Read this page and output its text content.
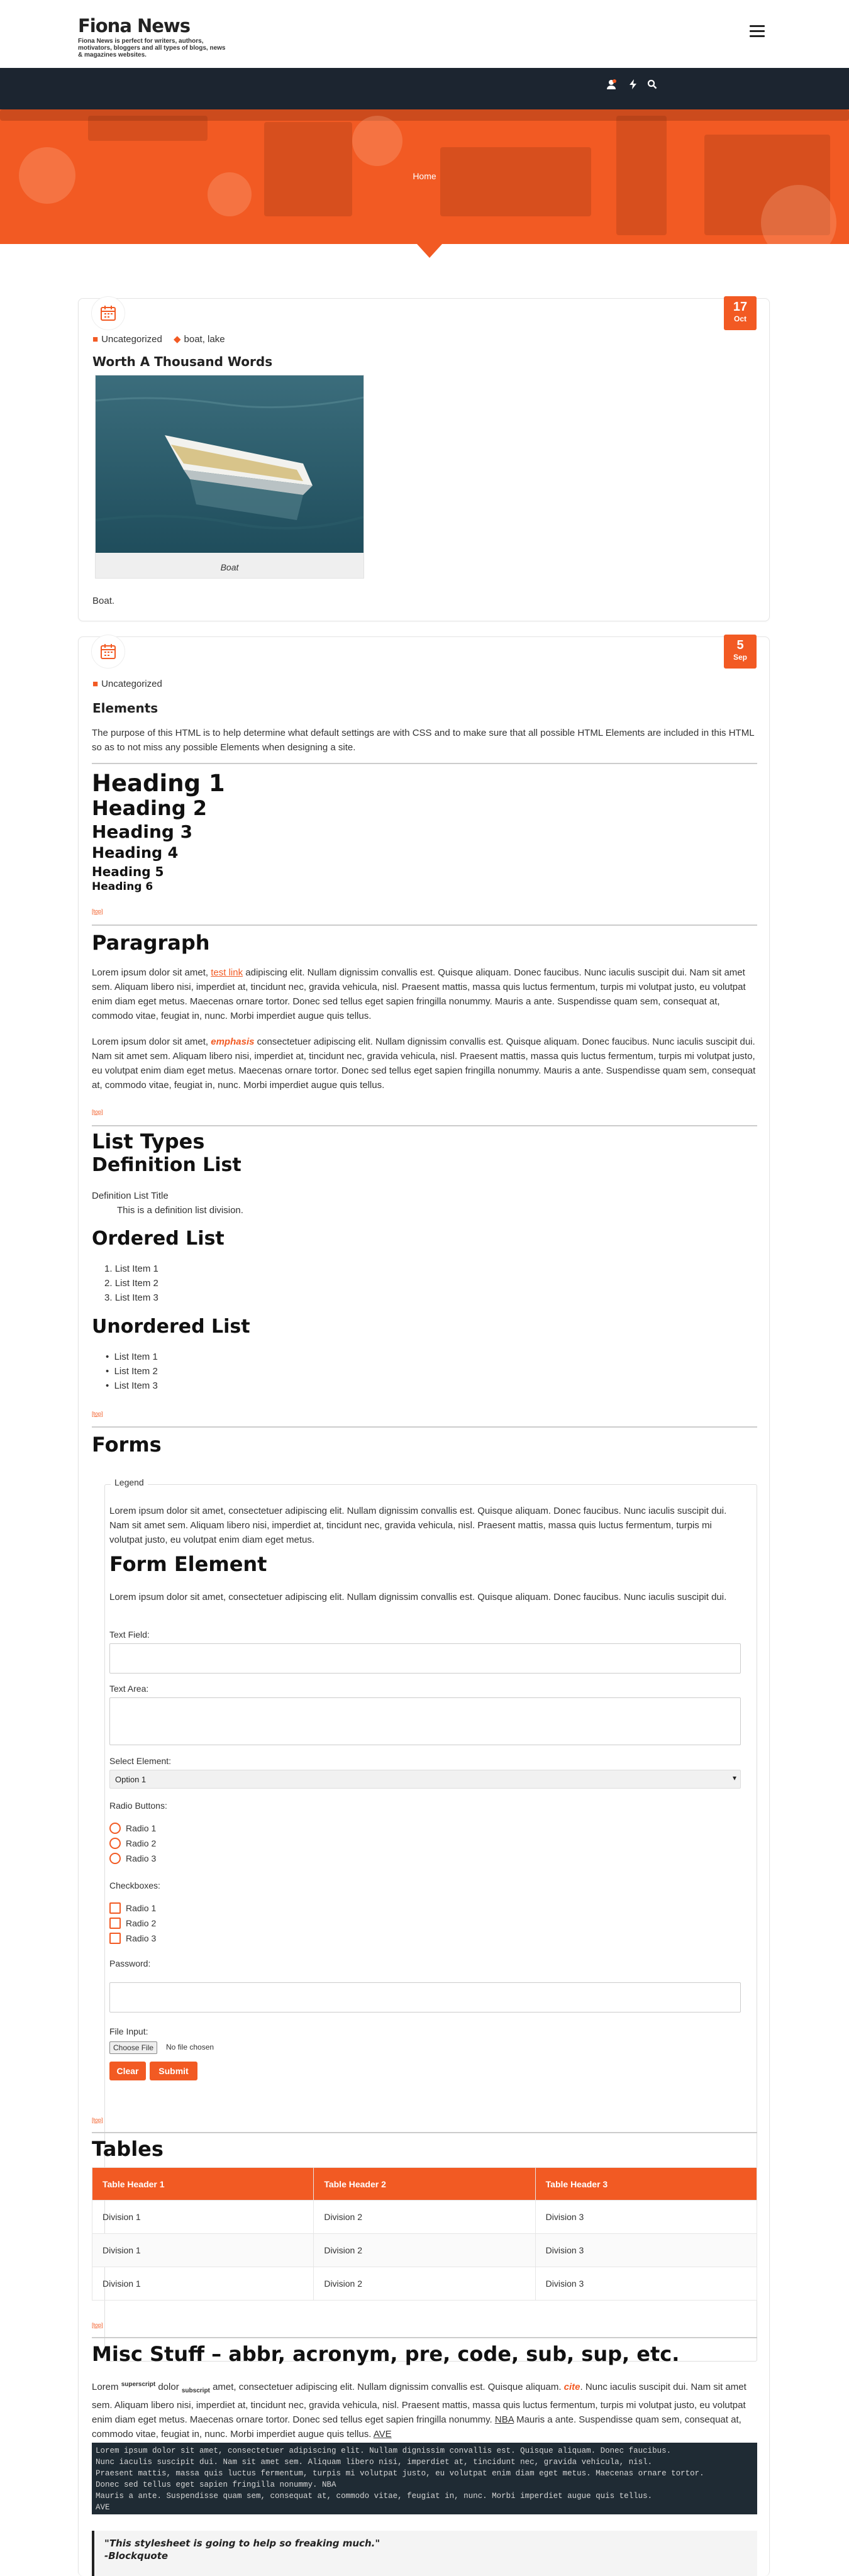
Fiona News
Fiona News is perfect for writers, authors, motivators, bloggers and all types of blogs, news & magazines websites.
Home
17
Oct
■ Uncategorized ◆ boat, lake
Worth A Thousand Words
Boat
Boat.
5
Sep
■ Uncategorized
Elements
The purpose of this HTML is to help determine what default settings are with CSS and to make sure that all possible HTML Elements are included in this HTML so as to not miss any possible Elements when designing a site.
Heading 1
Heading 2
Heading 3
Heading 4
Heading 5
Heading 6
[top]
Paragraph
Lorem ipsum dolor sit amet, test link adipiscing elit. Nullam dignissim convallis est. Quisque aliquam. Donec faucibus. Nunc iaculis suscipit dui. Nam sit amet sem. Aliquam libero nisi, imperdiet at, tincidunt nec, gravida vehicula, nisl. Praesent mattis, massa quis luctus fermentum, turpis mi volutpat justo, eu volutpat enim diam eget metus. Maecenas ornare tortor. Donec sed tellus eget sapien fringilla nonummy. Mauris a ante. Suspendisse quam sem, consequat at, commodo vitae, feugiat in, nunc. Morbi imperdiet augue quis tellus.
Lorem ipsum dolor sit amet, emphasis consectetuer adipiscing elit. Nullam dignissim convallis est. Quisque aliquam. Donec faucibus. Nunc iaculis suscipit dui. Nam sit amet sem. Aliquam libero nisi, imperdiet at, tincidunt nec, gravida vehicula, nisl. Praesent mattis, massa quis luctus fermentum, turpis mi volutpat justo, eu volutpat enim diam eget metus. Maecenas ornare tortor. Donec sed tellus eget sapien fringilla nonummy. Mauris a ante. Suspendisse quam sem, consequat at, commodo vitae, feugiat in, nunc. Morbi imperdiet augue quis tellus.
[top]
List Types
Definition List
Definition List Title
This is a definition list division.
Ordered List
1. List Item 1
2. List Item 2
3. List Item 3
Unordered List
•  List Item 1
•  List Item 2
•  List Item 3
[top]
Forms
Legend
Lorem ipsum dolor sit amet, consectetuer adipiscing elit. Nullam dignissim convallis est. Quisque aliquam. Donec faucibus. Nunc iaculis suscipit dui. Nam sit amet sem. Aliquam libero nisi, imperdiet at, tincidunt nec, gravida vehicula, nisl. Praesent mattis, massa quis luctus fermentum, turpis mi volutpat justo, eu volutpat enim diam eget metus.
Form Element
Lorem ipsum dolor sit amet, consectetuer adipiscing elit. Nullam dignissim convallis est. Quisque aliquam. Donec faucibus. Nunc iaculis suscipit dui.
Text Field:
Text Area:
Select Element:
Option 1	▾
Radio Buttons:
Radio 1
Radio 2
Radio 3
Checkboxes:
Radio 1
Radio 2
Radio 3
Password:
File Input:
Choose File	No file chosen
Clear	Submit
[top]
Tables
Table Header 1	Table Header 2	Table Header 3
Division 1	Division 2	Division 3
Division 1	Division 2	Division 3
Division 1	Division 2	Division 3
[top]
Misc Stuff – abbr, acronym, pre, code, sub, sup, etc.
Lorem $^{superscript}$ dolor $_{subscript}$ amet, consectetuer adipiscing elit. Nullam dignissim convallis est. Quisque aliquam. cite. Nunc iaculis suscipit dui. Nam sit amet sem. Aliquam libero nisi, imperdiet at, tincidunt nec, gravida vehicula, nisl. Praesent mattis, massa quis luctus fermentum, turpis mi volutpat justo, eu volutpat enim diam eget metus. Maecenas ornare tortor. Donec sed tellus eget sapien fringilla nonummy. NBA Mauris a ante. Suspendisse quam sem, consequat at, commodo vitae, feugiat in, nunc. Morbi imperdiet augue quis tellus. AVE
Lorem ipsum dolor sit amet, consectetuer adipiscing elit. Nullam dignissim convallis est. Quisque aliquam. Donec faucibus.
Nunc iaculis suscipit dui. Nam sit amet sem. Aliquam libero nisi, imperdiet at, tincidunt nec, gravida vehicula, nisl.
Praesent mattis, massa quis luctus fermentum, turpis mi volutpat justo, eu volutpat enim diam eget metus. Maecenas ornare tortor.
Donec sed tellus eget sapien fringilla nonummy. NBA
Mauris a ante. Suspendisse quam sem, consequat at, commodo vitae, feugiat in, nunc. Morbi imperdiet augue quis tellus.
AVE
"This stylesheet is going to help so freaking much."
-Blockquote
